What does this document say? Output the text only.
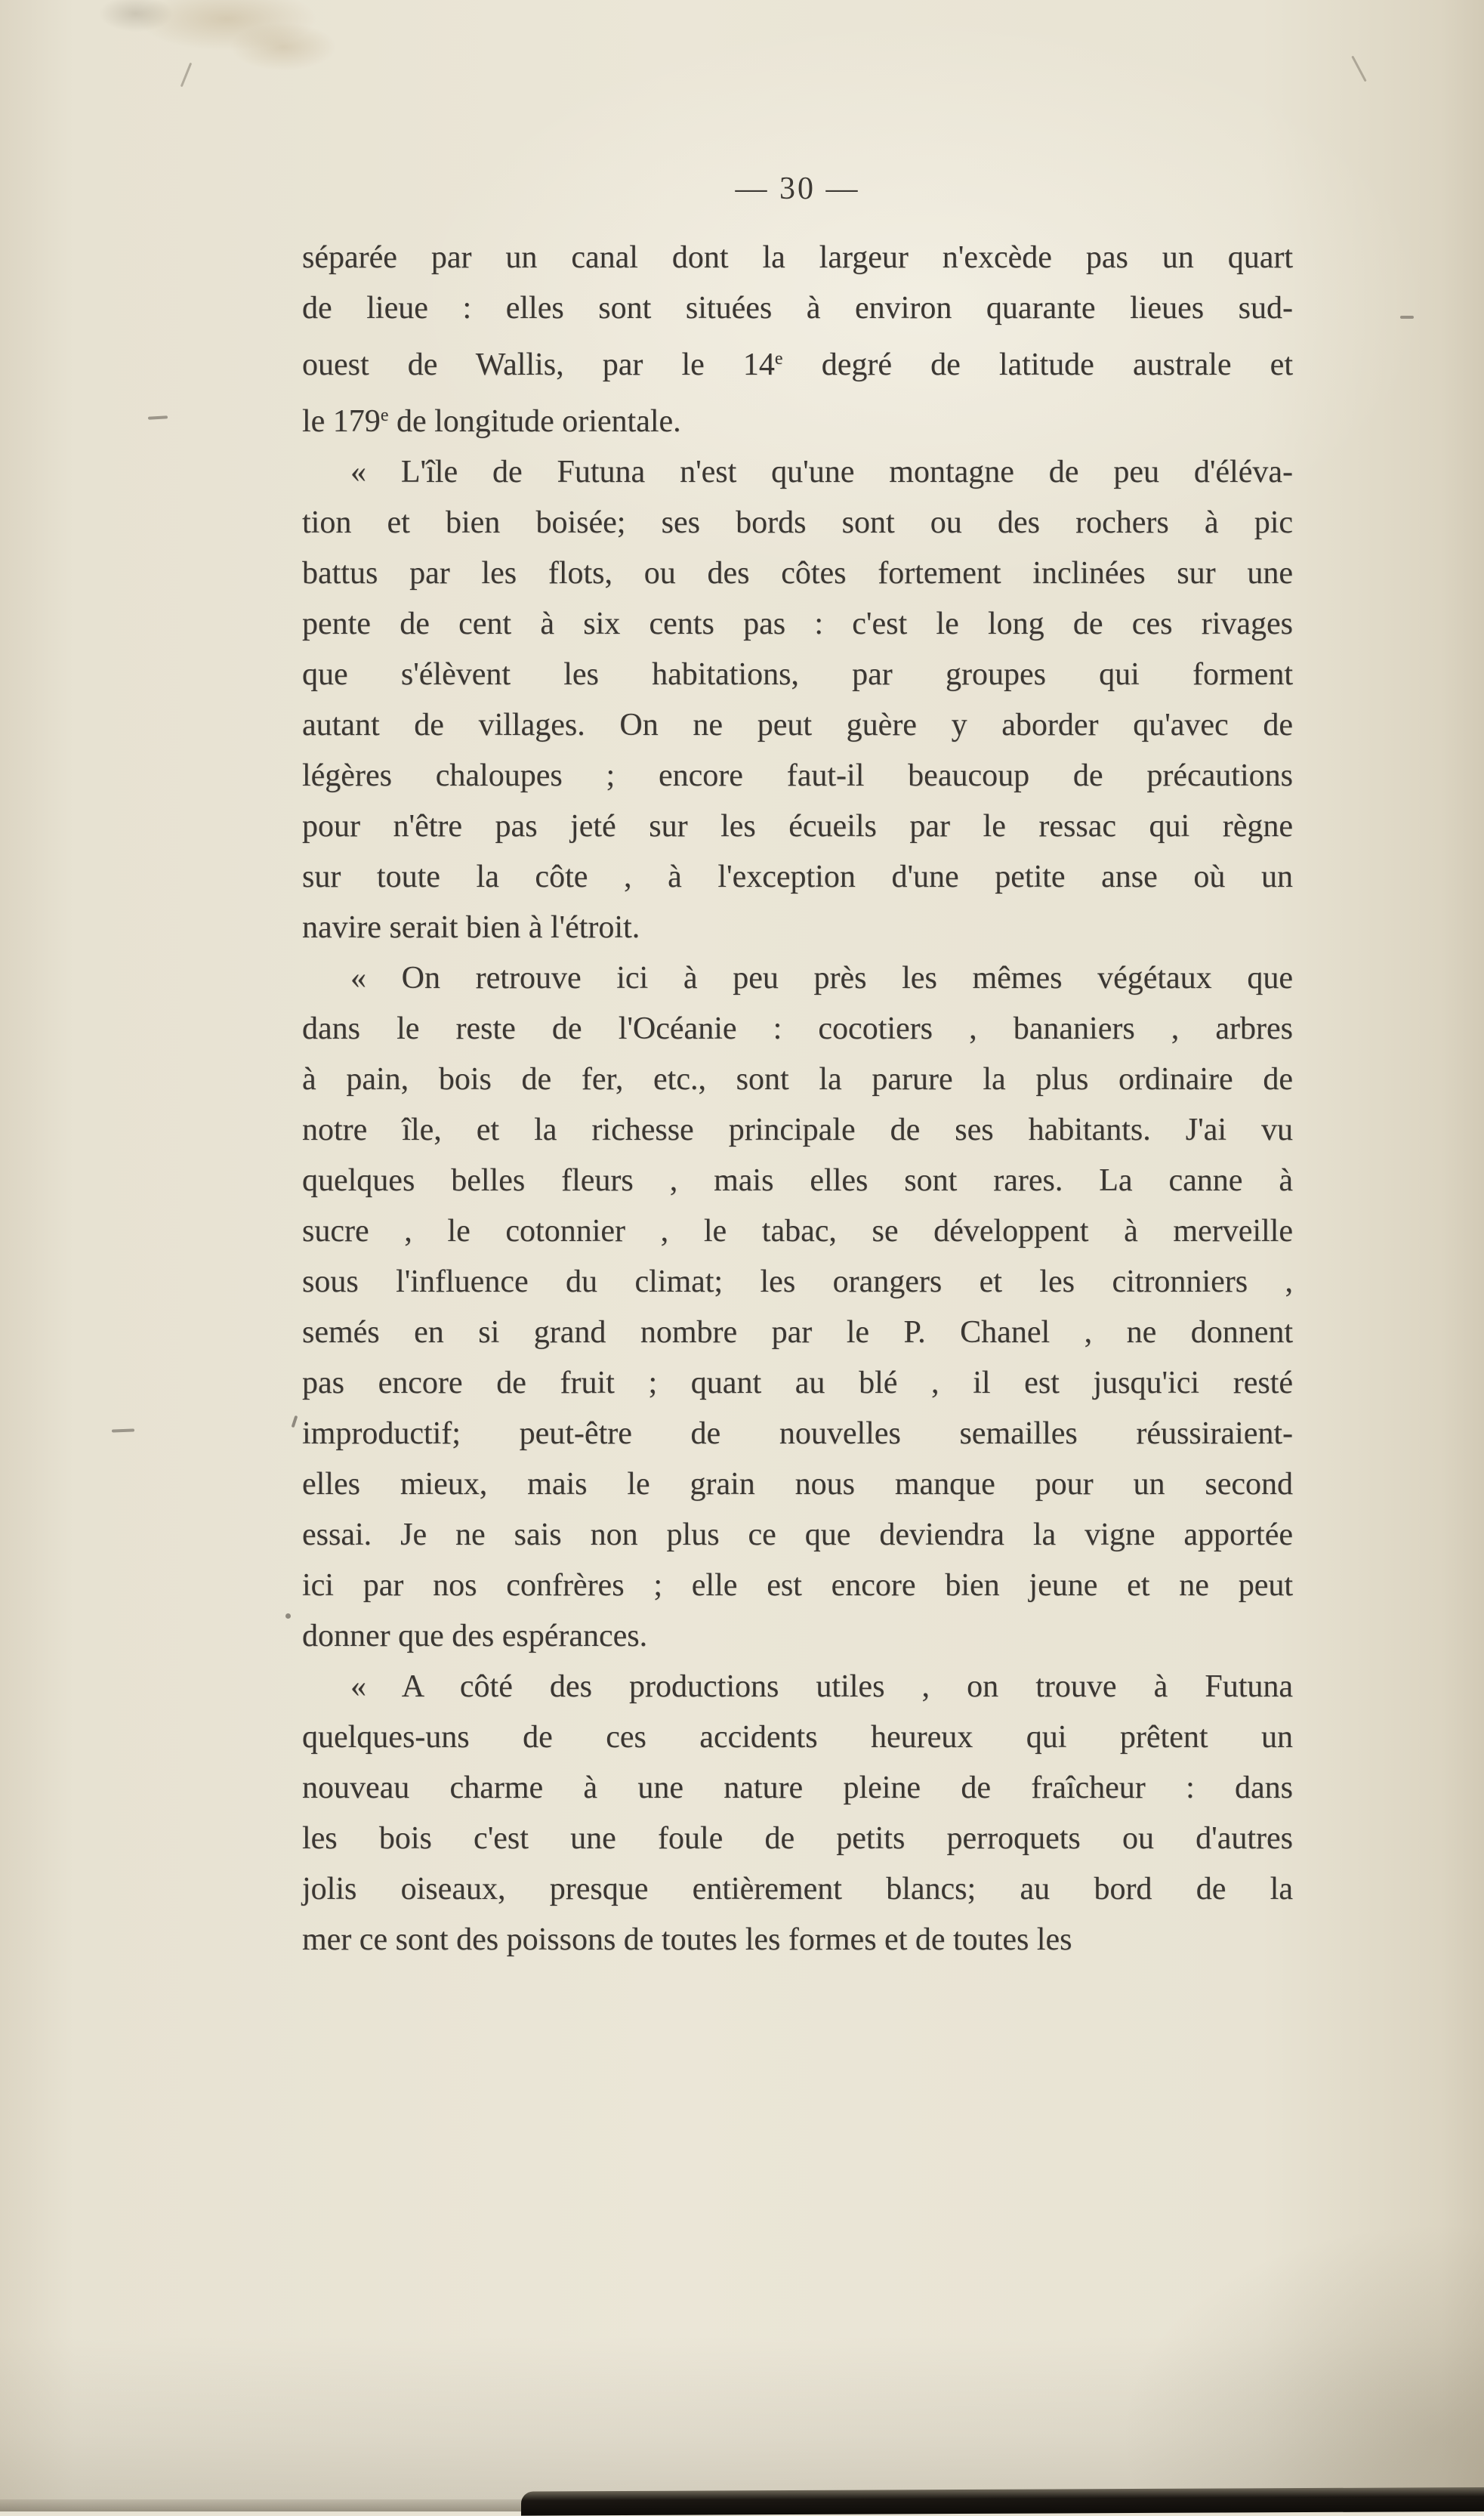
— 30 —
séparée par un canal dont la largeur n'excède pas un quart
de lieue : elles sont situées à environ quarante lieues sud-
ouest de Wallis, par le 14e degré de latitude australe et
le 179e de longitude orientale.
« L'île de Futuna n'est qu'une montagne de peu d'éléva-
tion et bien boisée; ses bords sont ou des rochers à pic
battus par les flots, ou des côtes fortement inclinées sur une
pente de cent à six cents pas : c'est le long de ces rivages
que s'élèvent les habitations, par groupes qui forment
autant de villages. On ne peut guère y aborder qu'avec de
légères chaloupes ; encore faut-il beaucoup de précautions
pour n'être pas jeté sur les écueils par le ressac qui règne
sur toute la côte , à l'exception d'une petite anse où un
navire serait bien à l'étroit.
« On retrouve ici à peu près les mêmes végétaux que
dans le reste de l'Océanie : cocotiers , bananiers , arbres
à pain, bois de fer, etc., sont la parure la plus ordinaire de
notre île, et la richesse principale de ses habitants. J'ai vu
quelques belles fleurs , mais elles sont rares. La canne à
sucre , le cotonnier , le tabac, se développent à merveille
sous l'influence du climat; les orangers et les citronniers ,
semés en si grand nombre par le P. Chanel , ne donnent
pas encore de fruit ; quant au blé , il est jusqu'ici resté
improductif; peut-être de nouvelles semailles réussiraient-
elles mieux, mais le grain nous manque pour un second
essai. Je ne sais non plus ce que deviendra la vigne apportée
ici par nos confrères ; elle est encore bien jeune et ne peut
donner que des espérances.
« A côté des productions utiles , on trouve à Futuna
quelques-uns de ces accidents heureux qui prêtent un
nouveau charme à une nature pleine de fraîcheur : dans
les bois c'est une foule de petits perroquets ou d'autres
jolis oiseaux, presque entièrement blancs; au bord de la
mer ce sont des poissons de toutes les formes et de toutes les
